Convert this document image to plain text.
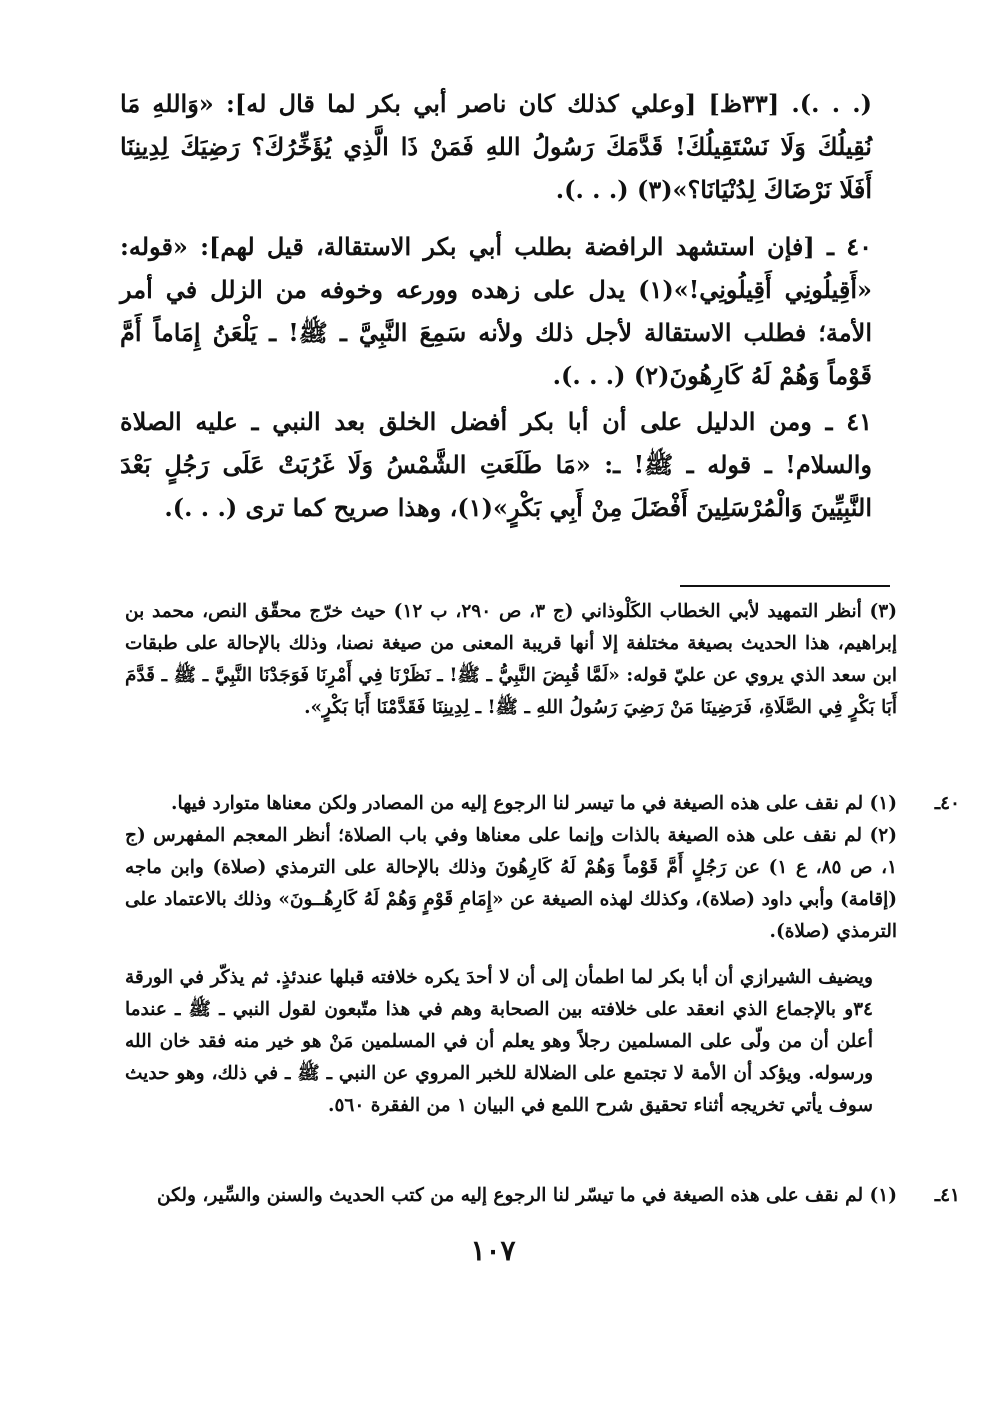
(. . .). [٣٣ظ] [وعلي كذلك كان ناصر أبي بكر لما قال له]: «وَاللهِ مَا نُقِيلُكَ وَلَا نَسْتَقِيلُكَ! قَدَّمَكَ رَسُولُ اللهِ فَمَنْ ذَا الَّذِي يُؤَخِّرُكَ؟ رَضِيَكَ لِدِينِنَا أَفَلَا نَرْضَاكَ لِدُنْيَانَا؟»(٣) (. . .).

٤٠ ـ [فإن استشهد الرافضة بطلب أبي بكر الاستقالة، قيل لهم]: «قوله: «أَقِيلُونِي أَقِيلُونِي!»(١) يدل على زهده وورعه وخوفه من الزلل في أمر الأمة؛ فطلب الاستقالة لأجل ذلك ولأنه سَمِعَ النَّبِيَّ ـ ﷺ! ـ يَلْعَنُ إِمَاماً أَمَّ قَوْماً وَهُمْ لَهُ كَارِهُونَ(٢) (. . .).

٤١ ـ ومن الدليل على أن أبا بكر أفضل الخلق بعد النبي ـ عليه الصلاة والسلام! ـ قوله ـ ﷺ! ـ: «مَا طَلَعَتِ الشَّمْسُ وَلَا غَرُبَتْ عَلَى رَجُلٍ بَعْدَ النَّبِيِّينَ وَالْمُرْسَلِينَ أَفْضَلَ مِنْ أَبِي بَكْرٍ»(١)، وهذا صريح كما ترى (. . .).

(٣) أنظر التمهيد لأبي الخطاب الكَلْوذاني (ج ٣، ص ٢٩٠، ب ١٢) حيث خرّج محقّق النص، محمد بن إبراهيم، هذا الحديث بصيغة مختلفة إلا أنها قريبة المعنى من صيغة نصنا، وذلك بالإحالة على طبقات ابن سعد الذي يروي عن عليّ قوله: «لَمَّا قُبِضَ النَّبِيُّ ـ ﷺ! ـ نَظَرْنَا فِي أَمْرِنَا فَوَجَدْنَا النَّبِيَّ ـ ﷺ ـ قَدَّمَ أَبَا بَكْرٍ فِي الصَّلَاةِ، فَرَضِينَا مَنْ رَضِيَ رَسُولُ اللهِ ـ ﷺ! ـ لِدِينِنَا فَقَدَّمْنَا أَبَا بَكْرٍ».

٤٠ـ

(١) لم نقف على هذه الصيغة في ما تيسر لنا الرجوع إليه من المصادر ولكن معناها متوارد فيها.

(٢) لم نقف على هذه الصيغة بالذات وإنما على معناها وفي باب الصلاة؛ أنظر المعجم المفهرس (ج ١، ص ٨٥، ع ١) عن رَجُلٍ أَمَّ قَوْماً وَهُمْ لَهُ كَارِهُونَ وذلك بالإحالة على الترمذي (صلاة) وابن ماجه (إقامة) وأبي داود (صلاة)، وكذلك لهذه الصيغة عن «إِمَامِ قَوْمٍ وَهُمْ لَهُ كَارِهُــونَ» وذلك بالاعتماد على الترمذي (صلاة).

ويضيف الشيرازي أن أبا بكر لما اطمأن إلى أن لا أحدَ يكره خلافته قبلها عندئذٍ. ثم يذكّر في الورقة ٣٤و بالإجماع الذي انعقد على خلافته بين الصحابة وهم في هذا متّبعون لقول النبي ـ ﷺ ـ عندما أعلن أن من ولّى على المسلمين رجلاً وهو يعلم أن في المسلمين مَنْ هو خير منه فقد خان الله ورسوله. ويؤكد أن الأمة لا تجتمع على الضلالة للخبر المروي عن النبي ـ ﷺ ـ في ذلك، وهو حديث سوف يأتي تخريجه أثناء تحقيق شرح اللمع في البيان ١ من الفقرة ٥٦٠.

٤١ـ

(١) لم نقف على هذه الصيغة في ما تيسّر لنا الرجوع إليه من كتب الحديث والسنن والسِّير، ولكن

١٠٧
